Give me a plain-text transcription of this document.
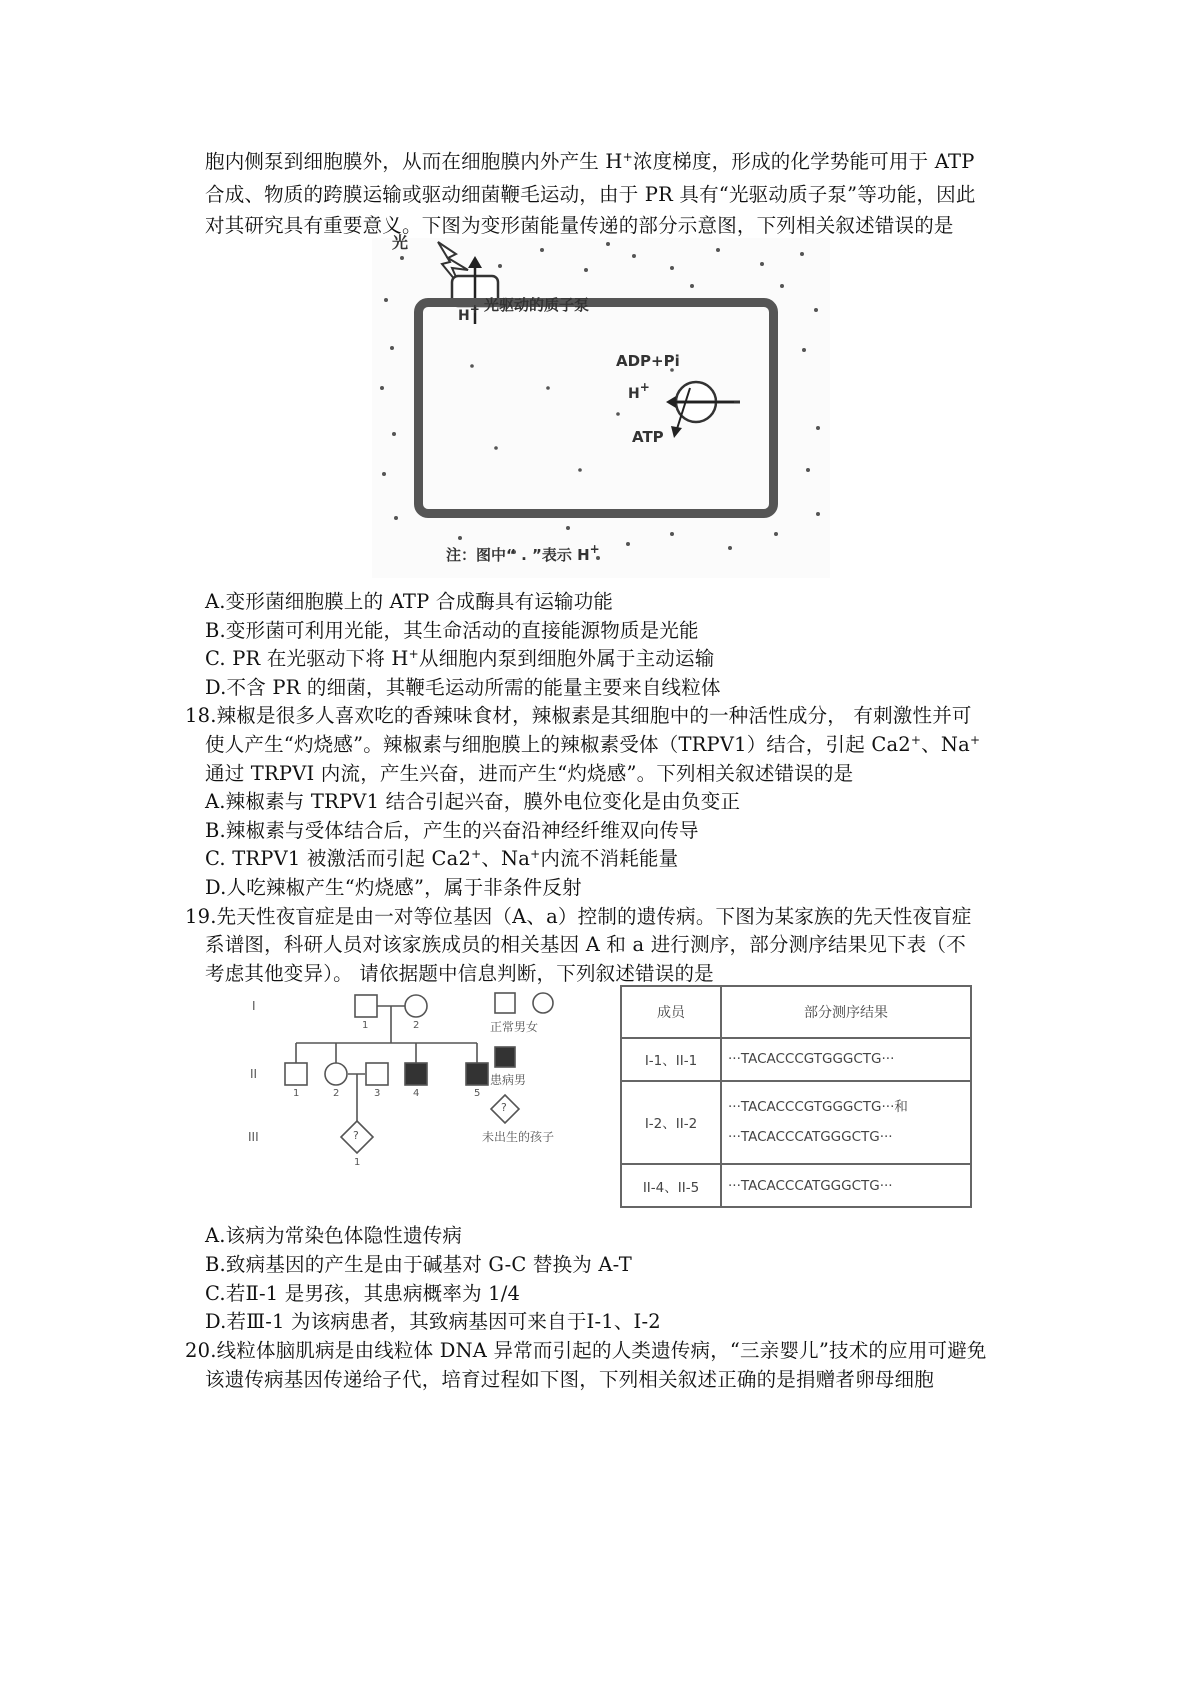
胞内侧泵到细胞膜外，从而在细胞膜内外产生 H+浓度梯度，形成的化学势能可用于 ATP
合成、物质的跨膜运输或驱动细菌鞭毛运动，由于 PR 具有“光驱动质子泵”等功能，因此
对其研究具有重要意义。下图为变形菌能量传递的部分示意图，下列相关叙述错误的是
光
H+ 光驱动的质子泵
ADP+Pi
H+
ATP
注：图中“ . ”表示 H+
A.变形菌细胞膜上的 ATP 合成酶具有运输功能
B.变形菌可利用光能，其生命活动的直接能源物质是光能
C. PR 在光驱动下将 H+从细胞内泵到细胞外属于主动运输
D.不含 PR 的细菌，其鞭毛运动所需的能量主要来自线粒体
18.辣椒是很多人喜欢吃的香辣味食材，辣椒素是其细胞中的一种活性成分， 有刺激性并可
使人产生“灼烧感”。辣椒素与细胞膜上的辣椒素受体（TRPV1）结合，引起 Ca2+、Na+
通过 TRPVI 内流，产生兴奋，进而产生“灼烧感”。下列相关叙述错误的是
A.辣椒素与 TRPV1 结合引起兴奋，膜外电位变化是由负变正
B.辣椒素与受体结合后，产生的兴奋沿神经纤维双向传导
C. TRPV1 被激活而引起 Ca2+、Na+内流不消耗能量
D.人吃辣椒产生“灼烧感”，属于非条件反射
19.先天性夜盲症是由一对等位基因（A、a）控制的遗传病。下图为某家族的先天性夜盲症
系谱图，科研人员对该家族成员的相关基因 A 和 a 进行测序，部分测序结果见下表（不
考虑其他变异）。 请依据题中信息判断，下列叙述错误的是
I
II
III
1	2
1	2	3	4	5
?
1
?
正常男女
患病男
未出生的孩子
成员	部分测序结果
I-1、II-1	···TACACCCGTGGGCTG···

I-2、II-2	···TACACCCGTGGGCTG···和
···TACACCCATGGGCTG···

II-4、II-5	···TACACCCATGGGCTG···
A.该病为常染色体隐性遗传病
B.致病基因的产生是由于碱基对 G-C 替换为 A-T
C.若Ⅱ-1 是男孩，其患病概率为 1/4
D.若Ⅲ-1 为该病患者，其致病基因可来自于Ⅰ-1、Ⅰ-2
20.线粒体脑肌病是由线粒体 DNA 异常而引起的人类遗传病，“三亲婴儿”技术的应用可避免
该遗传病基因传递给子代，培育过程如下图，下列相关叙述正确的是捐赠者卵母细胞
